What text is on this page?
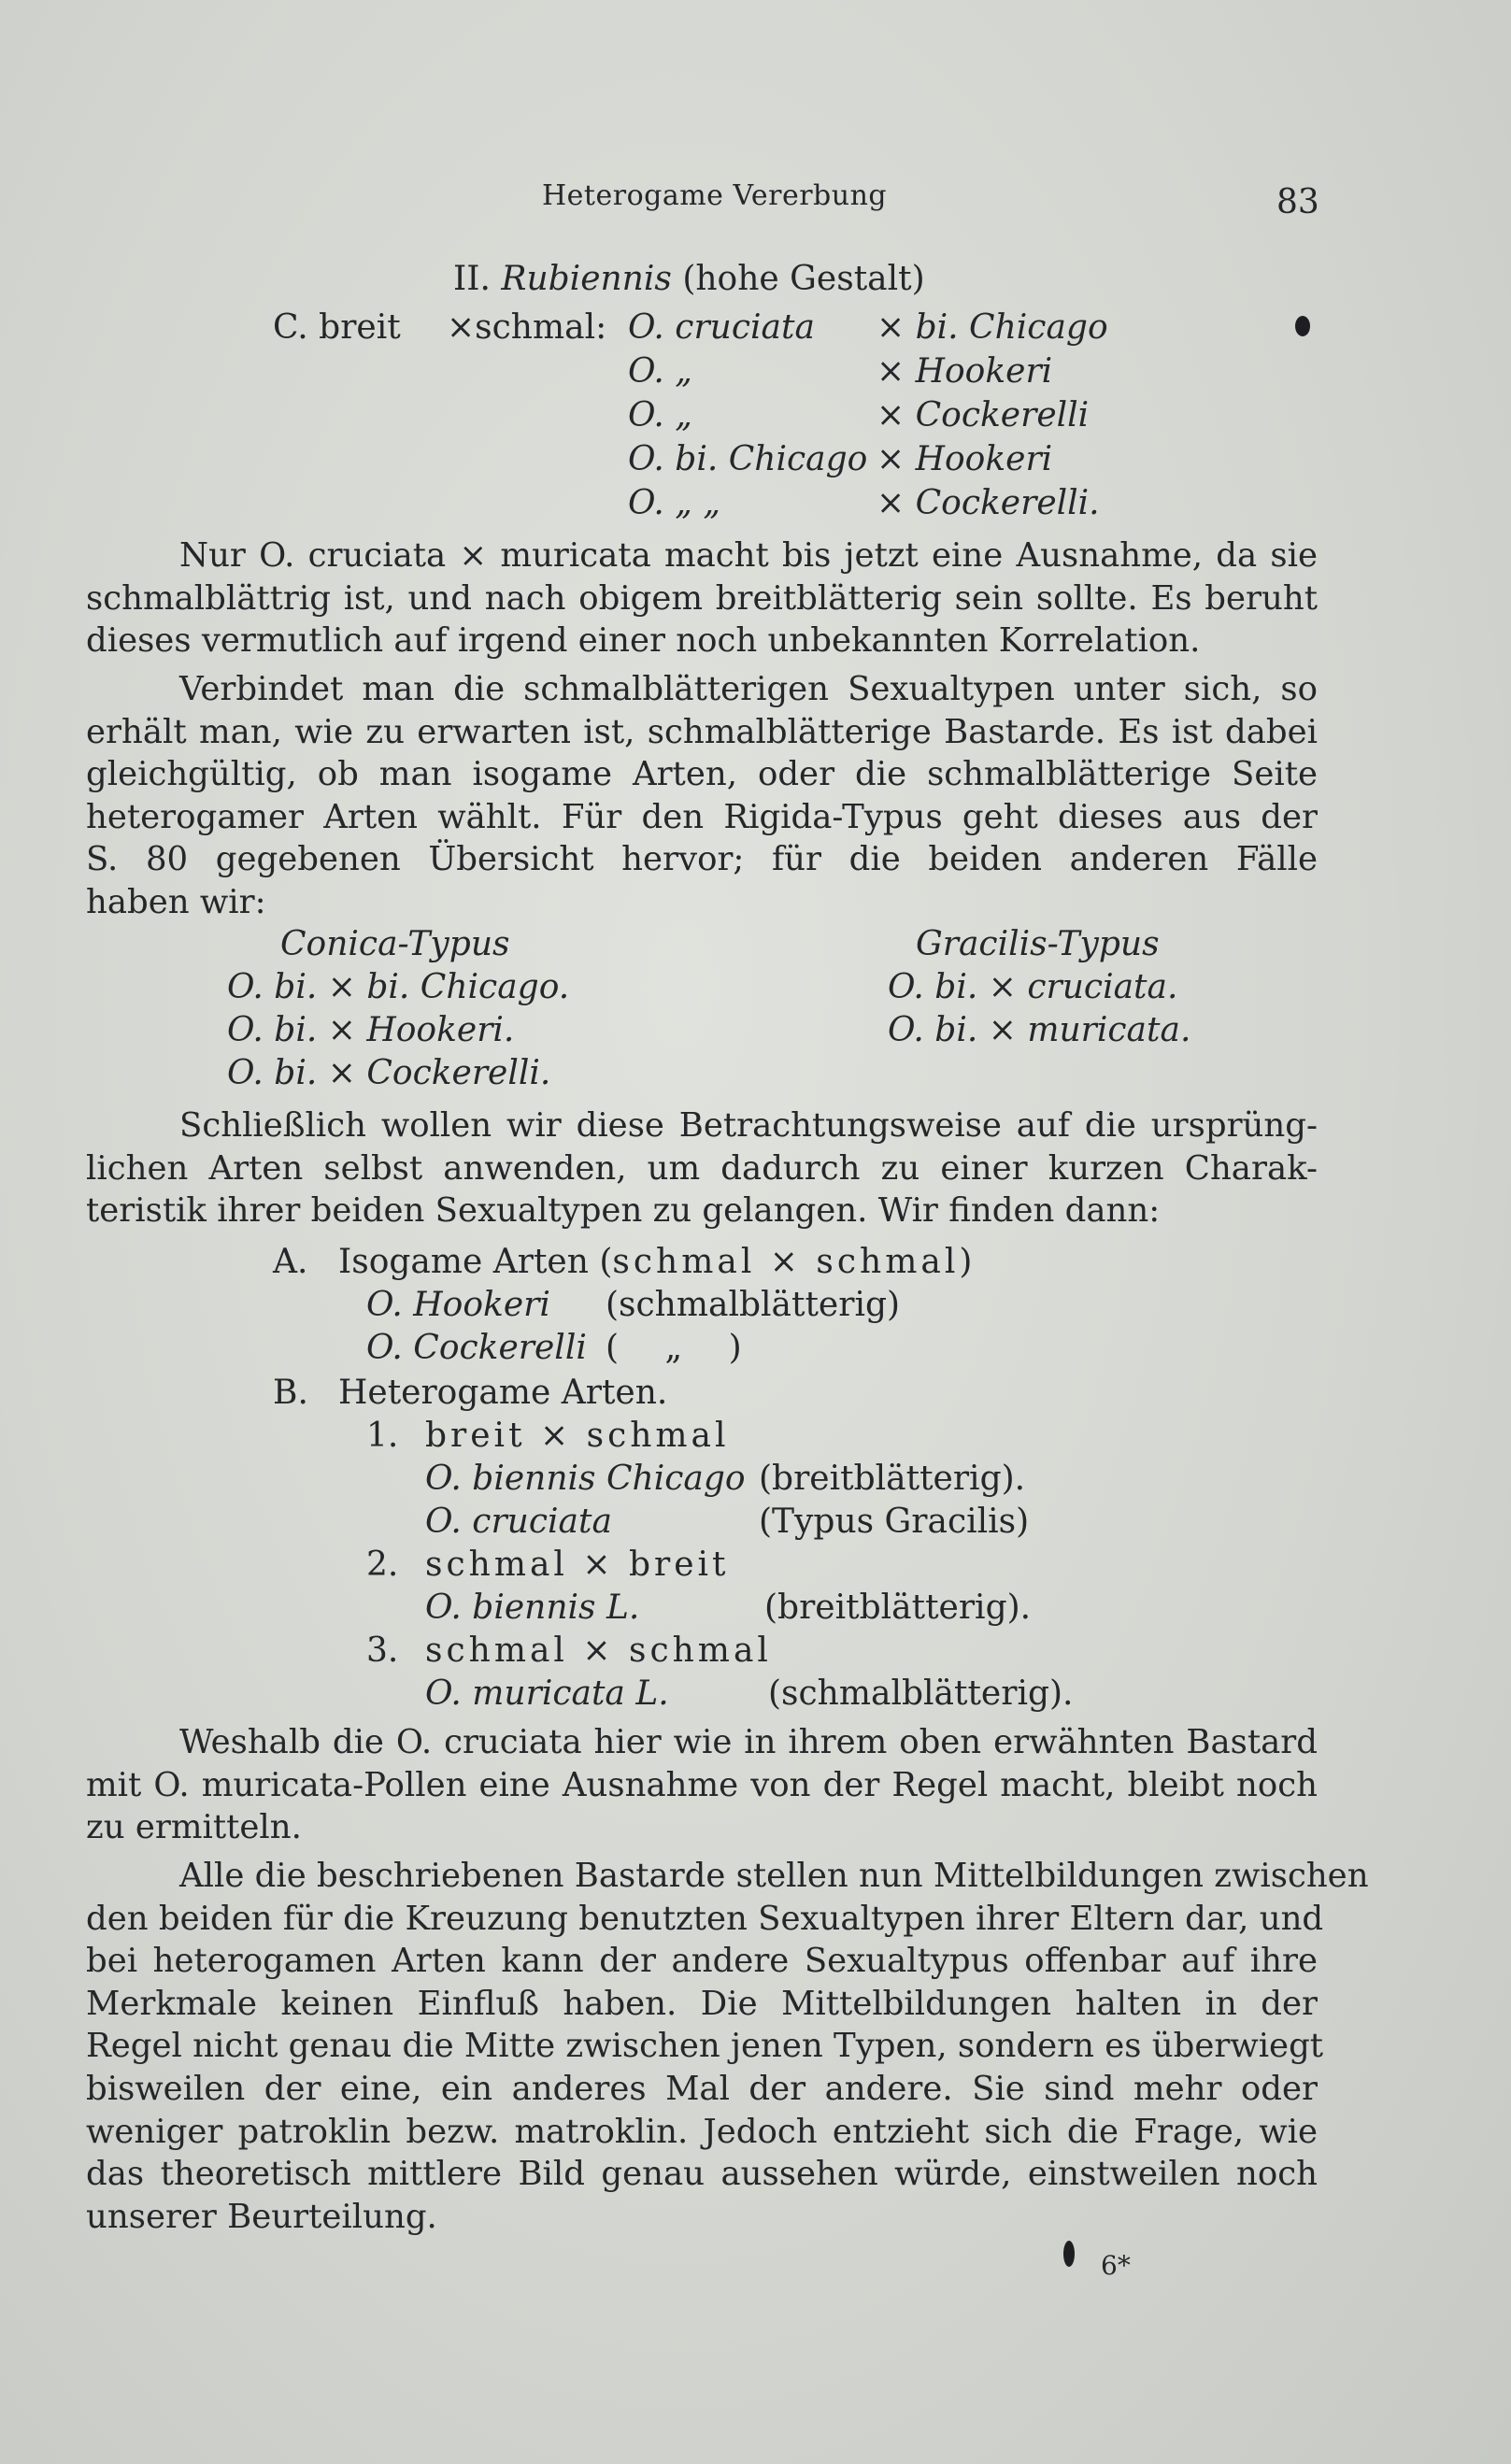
Heterogame Vererbung	83
II. Rubiennis (hohe Gestalt)
C. breit ×schmal: O. cruciata × bi. Chicago
O. „	× Hookeri
O. „	× Cockerelli
O. bi. Chicago × Hookeri
O. „ „	× Cockerelli.
Nur O. cruciata × muricata macht bis jetzt eine Ausnahme, da sie
schmalblättrig ist, und nach obigem breitblätterig sein sollte. Es beruht
dieses vermutlich auf irgend einer noch unbekannten Korrelation.
Verbindet man die schmalblätterigen Sexualtypen unter sich, so
erhält man, wie zu erwarten ist, schmalblätterige Bastarde. Es ist dabei
gleichgültig, ob man isogame Arten, oder die schmalblätterige Seite
heterogamer Arten wählt. Für den Rigida-Typus geht dieses aus der
S. 80 gegebenen Übersicht hervor; für die beiden anderen Fälle
haben wir:
Conica-Typus
O. bi. × bi. Chicago.
O. bi. × Hookeri.
O. bi. × Cockerelli.
Gracilis-Typus
O. bi. × cruciata.
O. bi. × muricata.
Schließlich wollen wir diese Betrachtungsweise auf die ursprüng-
lichen Arten selbst anwenden, um dadurch zu einer kurzen Charak-
teristik ihrer beiden Sexualtypen zu gelangen. Wir finden dann:
A. Isogame Arten (schmal × schmal)
O. Hookeri (schmalblätterig)
O. Cockerelli ( „ )
B. Heterogame Arten.
1. breit × schmal
O. biennis Chicago (breitblätterig).
O. cruciata	(Typus Gracilis)
2. schmal × breit
O. biennis L.	(breitblätterig).
3. schmal × schmal
O. muricata L.	(schmalblätterig).
Weshalb die O. cruciata hier wie in ihrem oben erwähnten Bastard
mit O. muricata-Pollen eine Ausnahme von der Regel macht, bleibt noch
zu ermitteln.
Alle die beschriebenen Bastarde stellen nun Mittelbildungen zwischen
den beiden für die Kreuzung benutzten Sexualtypen ihrer Eltern dar, und
bei heterogamen Arten kann der andere Sexualtypus offenbar auf ihre
Merkmale keinen Einfluß haben. Die Mittelbildungen halten in der
Regel nicht genau die Mitte zwischen jenen Typen, sondern es überwiegt
bisweilen der eine, ein anderes Mal der andere. Sie sind mehr oder
weniger patroklin bezw. matroklin. Jedoch entzieht sich die Frage, wie
das theoretisch mittlere Bild genau aussehen würde, einstweilen noch
unserer Beurteilung.
6*
